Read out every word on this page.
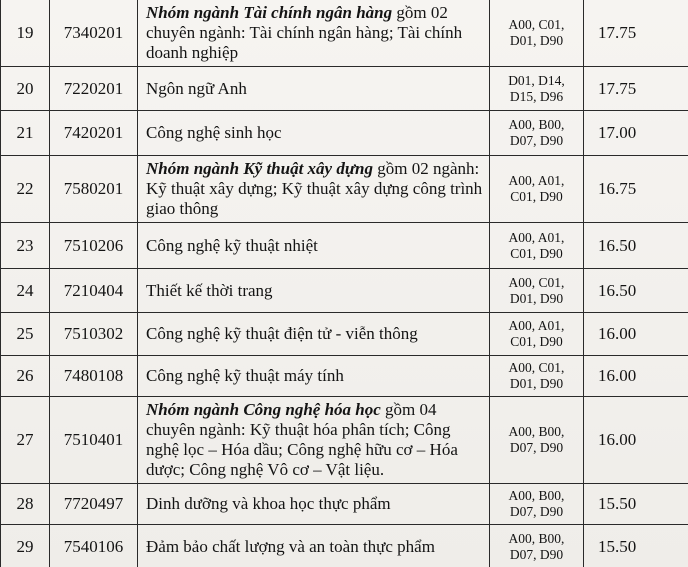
19	7340201	Nhóm ngành Tài chính ngân hàng gồm 02 chuyên ngành: Tài chính ngân hàng; Tài chính doanh nghiệp	A00, C01,
D01, D90	17.75
20	7220201	Ngôn ngữ Anh	D01, D14,
D15, D96	17.75
21	7420201	Công nghệ sinh học	A00, B00,
D07, D90	17.00
22	7580201	Nhóm ngành Kỹ thuật xây dựng gồm 02 ngành: Kỹ thuật xây dựng; Kỹ thuật xây dựng công trình giao thông	A00, A01,
C01, D90	16.75
23	7510206	Công nghệ kỹ thuật nhiệt	A00, A01,
C01, D90	16.50
24	7210404	Thiết kế thời trang	A00, C01,
D01, D90	16.50
25	7510302	Công nghệ kỹ thuật điện tử - viễn thông	A00, A01,
C01, D90	16.00
26	7480108	Công nghệ kỹ thuật máy tính	A00, C01,
D01, D90	16.00
27	7510401	Nhóm ngành Công nghệ hóa học gồm 04 chuyên ngành: Kỹ thuật hóa phân tích; Công nghệ lọc – Hóa dầu; Công nghệ hữu cơ – Hóa dược; Công nghệ Vô cơ – Vật liệu.	A00, B00,
D07, D90	16.00
28	7720497	Dinh dưỡng và khoa học thực phẩm	A00, B00,
D07, D90	15.50
29	7540106	Đảm bảo chất lượng và an toàn thực phẩm	A00, B00,
D07, D90	15.50
